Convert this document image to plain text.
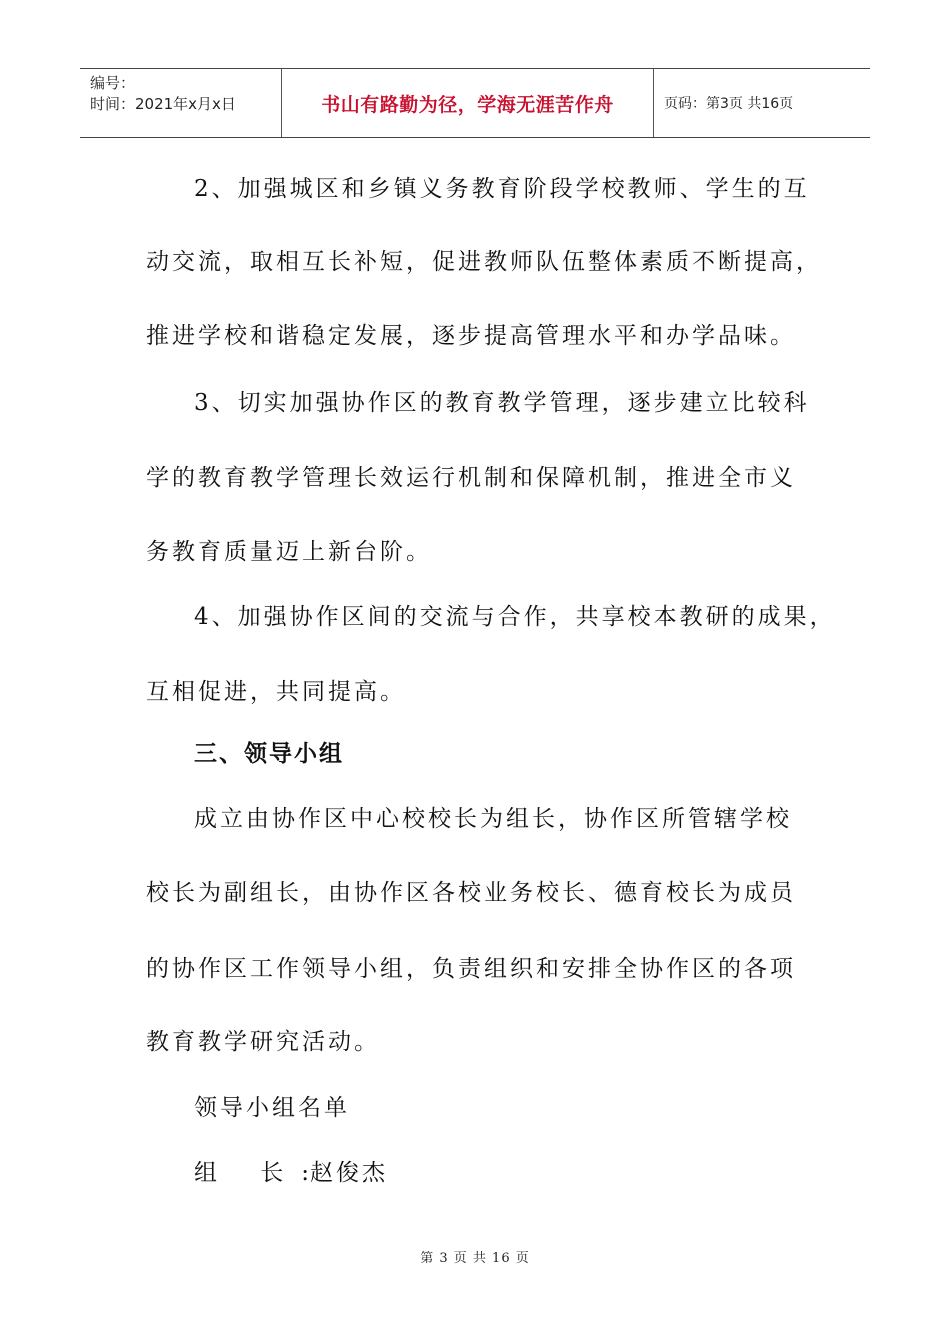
编号：
时间：2021年x月x日	书山有路勤为径，学海无涯苦作舟	页码：第3页 共16页
2、加强城区和乡镇义务教育阶段学校教师、学生的互
动交流，取相互长补短，促进教师队伍整体素质不断提高，
推进学校和谐稳定发展，逐步提高管理水平和办学品味。
3、切实加强协作区的教育教学管理，逐步建立比较科
学的教育教学管理长效运行机制和保障机制，推进全市义
务教育质量迈上新台阶。
4、加强协作区间的交流与合作，共享校本教研的成果，
互相促进，共同提高。
三、领导小组
成立由协作区中心校校长为组长，协作区所管辖学校
校长为副组长，由协作区各校业务校长、德育校长为成员
的协作区工作领导小组，负责组织和安排全协作区的各项
教育教学研究活动。
领导小组名单
组 长:
赵俊杰
第 3 页 共 16 页
